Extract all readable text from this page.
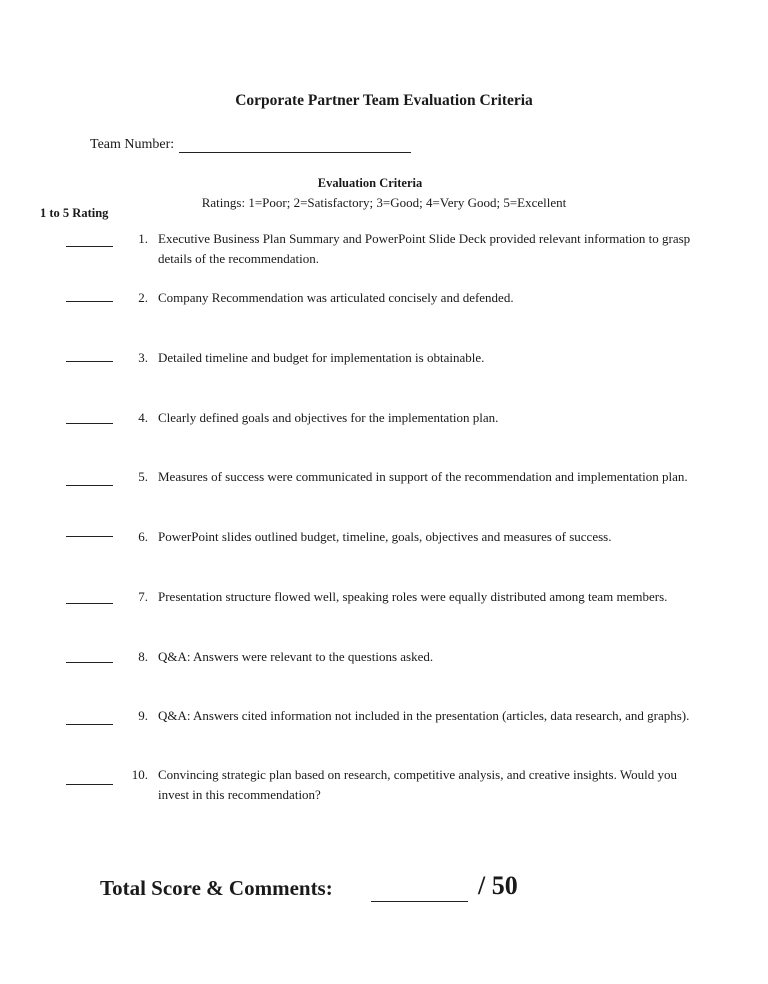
Corporate Partner Team Evaluation Criteria
Team Number:
Evaluation Criteria
Ratings: 1=Poor; 2=Satisfactory; 3=Good; 4=Very Good; 5=Excellent
1 to 5 Rating
1. Executive Business Plan Summary and PowerPoint Slide Deck provided relevant information to grasp details of the recommendation.
2. Company Recommendation was articulated concisely and defended.
3. Detailed timeline and budget for implementation is obtainable.
4. Clearly defined goals and objectives for the implementation plan.
5. Measures of success were communicated in support of the recommendation and implementation plan.
6. PowerPoint slides outlined budget, timeline, goals, objectives and measures of success.
7. Presentation structure flowed well, speaking roles were equally distributed among team members.
8. Q&A: Answers were relevant to the questions asked.
9. Q&A: Answers cited information not included in the presentation (articles, data research, and graphs).
10. Convincing strategic plan based on research, competitive analysis, and creative insights. Would you invest in this recommendation?
Total Score & Comments:	/ 50
